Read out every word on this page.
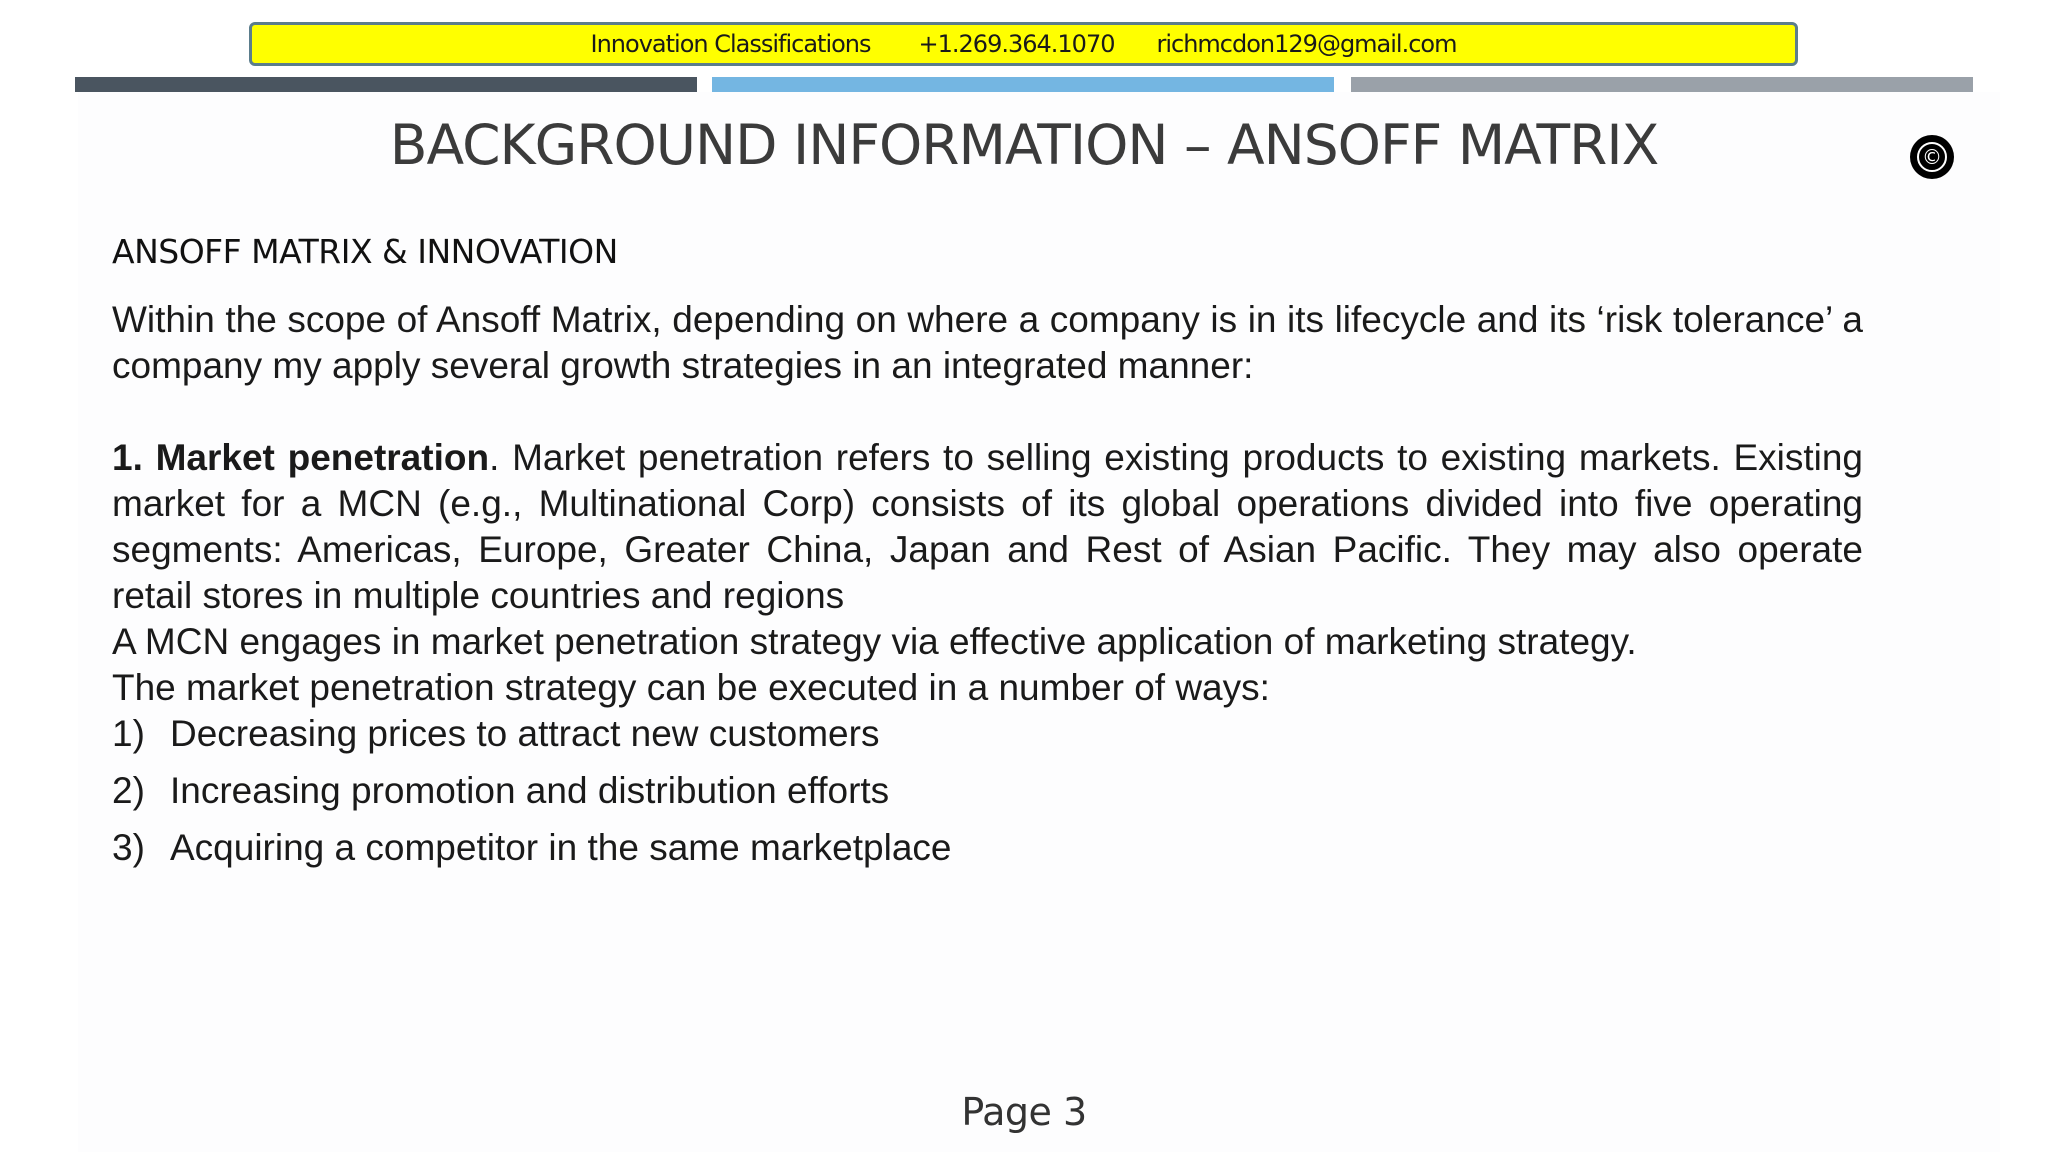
Innovation Classifications +1.269.364.1070 richmcdon129@gmail.com
BACKGROUND INFORMATION – ANSOFF MATRIX	©
ANSOFF MATRIX & INNOVATION

Within the scope of Ansoff Matrix, depending on where a company is in its lifecycle and its ‘risk tolerance’ a company my apply several growth strategies in an integrated manner:

1. Market penetration. Market penetration refers to selling existing products to existing markets. Existing market for a MCN (e.g., Multinational Corp) consists of its global operations divided into five operating segments: Americas, Europe, Greater China, Japan and Rest of Asian Pacific. They may also operate retail stores in multiple countries and regions

A MCN engages in market penetration strategy via effective application of marketing strategy.

The market penetration strategy can be executed in a number of ways:

1) Decreasing prices to attract new customers
2) Increasing promotion and distribution efforts
3) Acquiring a competitor in the same marketplace
Page 3
